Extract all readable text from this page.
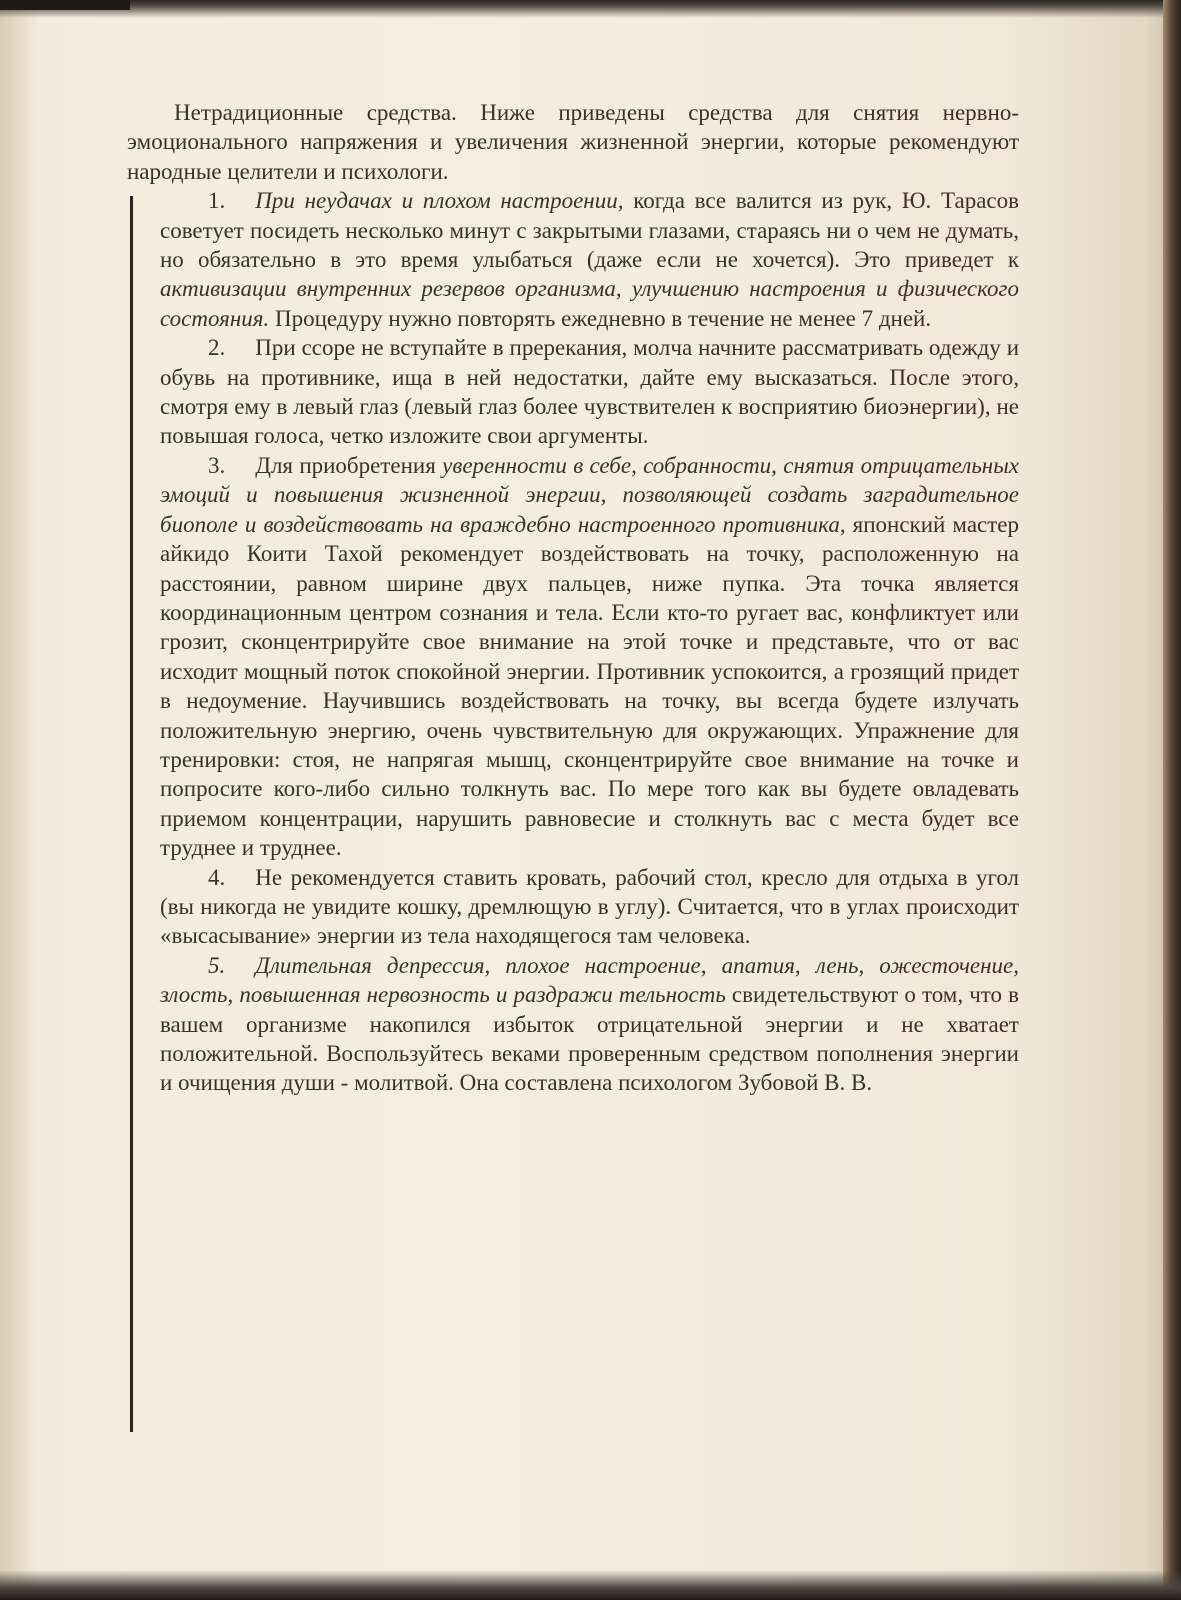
Нетрадиционные средства. Ниже приведены средства для снятия нервно-эмоционального напряжения и увеличения жизненной энергии, которые рекомендуют народные целители и психологи.

1. При неудачах и плохом настроении, когда все валится из рук, Ю. Тарасов советует посидеть несколько минут с закрытыми глазами, стараясь ни о чем не думать, но обязательно в это время улыбаться (даже если не хочется). Это приведет к активизации внутренних резервов организма, улучшению настроения и физического состояния. Процедуру нужно повторять ежедневно в течение не менее 7 дней.

2. При ссоре не вступайте в пререкания, молча начните рассматривать одежду и обувь на противнике, ища в ней недостатки, дайте ему высказаться. После этого, смотря ему в левый глаз (левый глаз более чувствителен к восприятию биоэнергии), не повышая голоса, четко изложите свои аргументы.

3. Для приобретения уверенности в себе, собранности, снятия отрицательных эмоций и повышения жизненной энергии, позволяющей создать заградительное биополе и воздействовать на враждебно настроенного противника, японский мастер айкидо Коити Тахой рекомендует воздействовать на точку, расположенную на расстоянии, равном ширине двух пальцев, ниже пупка. Эта точка является координационным центром сознания и тела. Если кто-то ругает вас, конфликтует или грозит, сконцентрируйте свое внимание на этой точке и представьте, что от вас исходит мощный поток спокойной энергии. Противник успокоится, а грозящий придет в недоумение. Научившись воздействовать на точку, вы всегда будете излучать положительную энергию, очень чувствительную для окружающих. Упражнение для тренировки: стоя, не напрягая мышц, сконцентрируйте свое внимание на точке и попросите кого-либо сильно толкнуть вас. По мере того как вы будете овладевать приемом концентрации, нарушить равновесие и столкнуть вас с места будет все труднее и труднее.

4. Не рекомендуется ставить кровать, рабочий стол, кресло для отдыха в угол (вы никогда не увидите кошку, дремлющую в углу). Считается, что в углах происходит «высасывание» энергии из тела находящегося там человека.

5. Длительная депрессия, плохое настроение, апатия, лень, ожесточение, злость, повышенная нервозность и раздражи тельность свидетельствуют о том, что в вашем организме накопился избыток отрицательной энергии и не хватает положительной. Воспользуйтесь веками проверенным средством пополнения энергии и очищения души - молитвой. Она составлена психологом Зубовой В. В.
